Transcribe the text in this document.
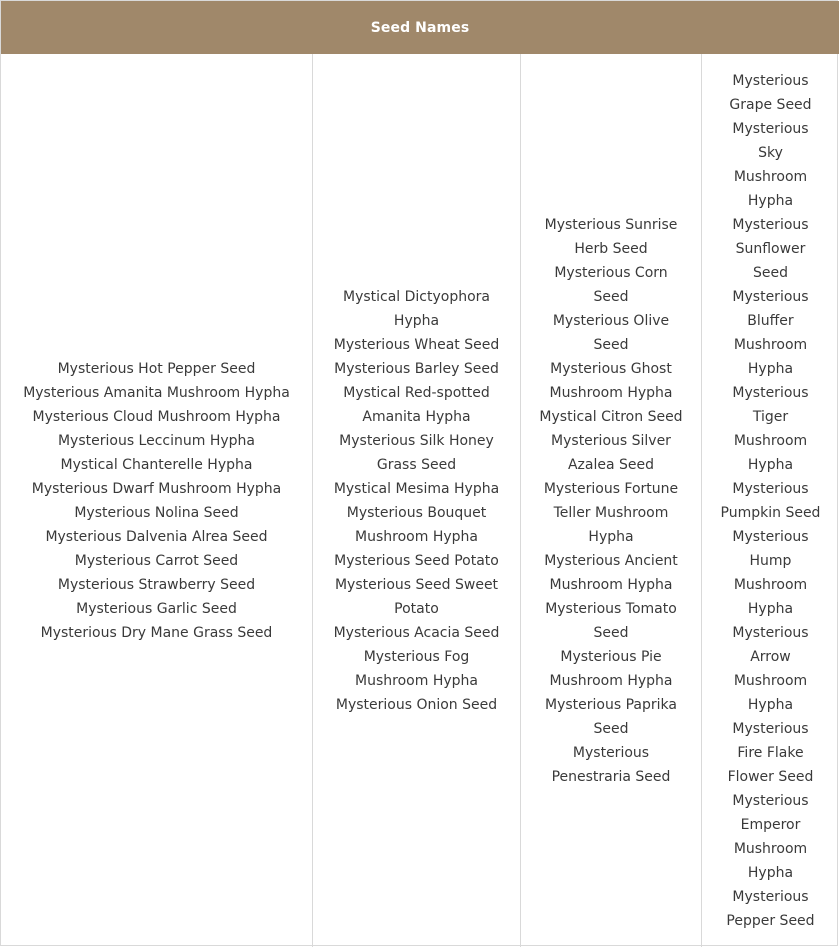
Seed Names
Mysterious Hot Pepper Seed
Mysterious Amanita Mushroom Hypha
Mysterious Cloud Mushroom Hypha
Mysterious Leccinum Hypha
Mystical Chanterelle Hypha
Mysterious Dwarf Mushroom Hypha
Mysterious Nolina Seed
Mysterious Dalvenia Alrea Seed
Mysterious Carrot Seed
Mysterious Strawberry Seed
Mysterious Garlic Seed
Mysterious Dry Mane Grass Seed
Mystical Dictyophora
Hypha
Mysterious Wheat Seed
Mysterious Barley Seed
Mystical Red-spotted
Amanita Hypha
Mysterious Silk Honey
Grass Seed
Mystical Mesima Hypha
Mysterious Bouquet
Mushroom Hypha
Mysterious Seed Potato
Mysterious Seed Sweet
Potato
Mysterious Acacia Seed
Mysterious Fog
Mushroom Hypha
Mysterious Onion Seed
Mysterious Sunrise
Herb Seed
Mysterious Corn
Seed
Mysterious Olive
Seed
Mysterious Ghost
Mushroom Hypha
Mystical Citron Seed
Mysterious Silver
Azalea Seed
Mysterious Fortune
Teller Mushroom
Hypha
Mysterious Ancient
Mushroom Hypha
Mysterious Tomato
Seed
Mysterious Pie
Mushroom Hypha
Mysterious Paprika
Seed
Mysterious
Penestraria Seed
Mysterious
Grape Seed
Mysterious
Sky
Mushroom
Hypha
Mysterious
Sunflower
Seed
Mysterious
Bluffer
Mushroom
Hypha
Mysterious
Tiger
Mushroom
Hypha
Mysterious
Pumpkin Seed
Mysterious
Hump
Mushroom
Hypha
Mysterious
Arrow
Mushroom
Hypha
Mysterious
Fire Flake
Flower Seed
Mysterious
Emperor
Mushroom
Hypha
Mysterious
Pepper Seed
